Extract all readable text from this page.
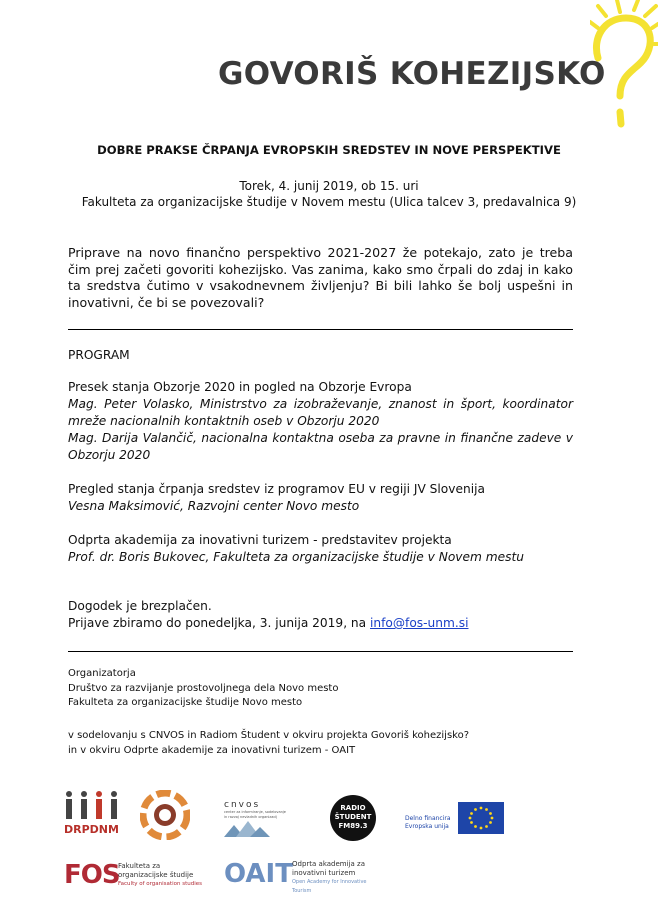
GOVORIŠ KOHEZIJSKO
DOBRE PRAKSE ČRPANJA EVROPSKIH SREDSTEV IN NOVE PERSPEKTIVE
Torek, 4. junij 2019, ob 15. uri
Fakulteta za organizacijske študije v Novem mestu (Ulica talcev 3, predavalnica 9)
Priprave na novo finančno perspektivo 2021-2027 že potekajo, zato je treba čim prej začeti govoriti kohezijsko. Vas zanima, kako smo črpali do zdaj in kako ta sredstva čutimo v vsakodnevnem življenju? Bi bili lahko še bolj uspešni in inovativni, če bi se povezovali?
PROGRAM
Presek stanja Obzorje 2020 in pogled na Obzorje Evropa
Mag. Peter Volasko, Ministrstvo za izobraževanje, znanost in šport, koordinator mreže nacionalnih kontaktnih oseb v Obzorju 2020
Mag. Darija Valančič, nacionalna kontaktna oseba za pravne in finančne zadeve v Obzorju 2020
Pregled stanja črpanja sredstev iz programov EU v regiji JV Slovenija
Vesna Maksimović, Razvojni center Novo mesto
Odprta akademija za inovativni turizem - predstavitev projekta
Prof. dr. Boris Bukovec, Fakulteta za organizacijske študije v Novem mestu
Dogodek je brezplačen.
Prijave zbiramo do ponedeljka, 3. junija 2019, na info@fos-unm.si
Organizatorja
Društvo za razvijanje prostovoljnega dela Novo mesto
Fakulteta za organizacijske študije Novo mesto
v sodelovanju s CNVOS in Radiom Študent v okviru projekta Govoriš kohezijsko?
in v okviru Odprte akademije za inovativni turizem - OAIT
DRPDNM
cnvos
center za informiranje, sodelovanje in razvoj nevladnih organizacij
RADIO
ŠTUDENT
FM89.3
Delno financira
Evropska unija
FOS
Fakulteta za
organizacijske študije
Faculty of organisation studies OAIT Odprta akademija za
inovativni turizem
Open Academy for Innovative Tourism
